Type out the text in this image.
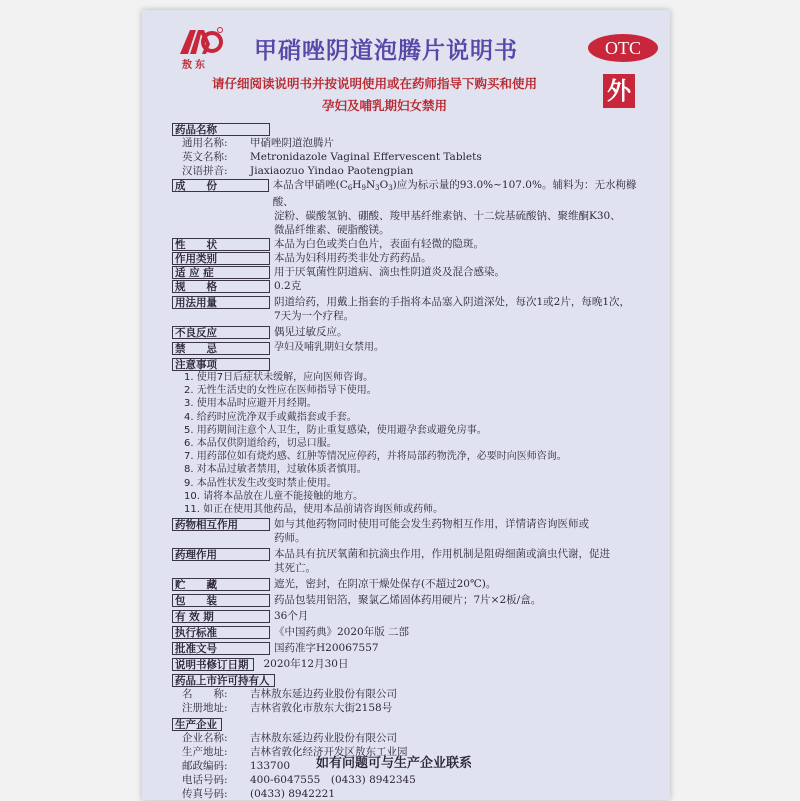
敖东
甲硝唑阴道泡腾片说明书	OTC
请仔细阅读说明书并按说明使用或在药师指导下购买和使用
孕妇及哺乳期妇女禁用
外
药品名称
通用名称:	甲硝唑阴道泡腾片
英文名称:	Metronidazole Vaginal Effervescent Tablets
汉语拼音:	Jiaxiaozuo Yindao Paotengpian
成　　份	本品含甲硝唑$(C_6H_9N_3O_3)$应为标示量的93.0%~107.0%。辅料为：无水枸橼酸、
淀粉、碳酸氢钠、硼酸、羧甲基纤维素钠、十二烷基硫酸钠、聚维酮K30、
微晶纤维素、硬脂酸镁。
性　　状	本品为白色或类白色片，表面有轻微的隐斑。
作用类别	本品为妇科用药类非处方药药品。
适 应 症	用于厌氧菌性阴道病、滴虫性阴道炎及混合感染。
规　　格	0.2克
用法用量	阴道给药，用戴上指套的手指将本品塞入阴道深处，每次1或2片，每晚1次，
7天为一个疗程。
不良反应	偶见过敏反应。
禁　　忌	孕妇及哺乳期妇女禁用。
注意事项
1. 使用7日后症状未缓解，应向医师咨询。
2. 无性生活史的女性应在医师指导下使用。
3. 使用本品时应避开月经期。
4. 给药时应洗净双手或戴指套或手套。
5. 用药期间注意个人卫生，防止重复感染，使用避孕套或避免房事。
6. 本品仅供阴道给药，切忌口服。
7. 用药部位如有烧灼感、红肿等情况应停药，并将局部药物洗净，必要时向医师咨询。
8. 对本品过敏者禁用，过敏体质者慎用。
9. 本品性状发生改变时禁止使用。
10. 请将本品放在儿童不能接触的地方。
11. 如正在使用其他药品，使用本品前请咨询医师或药师。
药物相互作用	如与其他药物同时使用可能会发生药物相互作用，详情请咨询医师或
药师。
药理作用	本品具有抗厌氧菌和抗滴虫作用，作用机制是阻碍细菌或滴虫代谢，促进
其死亡。
贮　　藏	遮光，密封，在阴凉干燥处保存(不超过20℃)。
包　　装	药品包装用铝箔，聚氯乙烯固体药用硬片；7片×2板/盒。
有 效 期	36个月
执行标准	《中国药典》2020年版 二部
批准文号	国药准字H20067557
说明书修订日期	2020年12月30日
药品上市许可持有人
名　　称:	吉林敖东延边药业股份有限公司
注册地址:	吉林省敦化市敖东大街2158号
生产企业
企业名称:	吉林敖东延边药业股份有限公司
生产地址:	吉林省敦化经济开发区敖东工业园
邮政编码:	133700
电话号码:	400-6047555　(0433) 8942345
传真号码:	(0433) 8942221
如有问题可与生产企业联系
